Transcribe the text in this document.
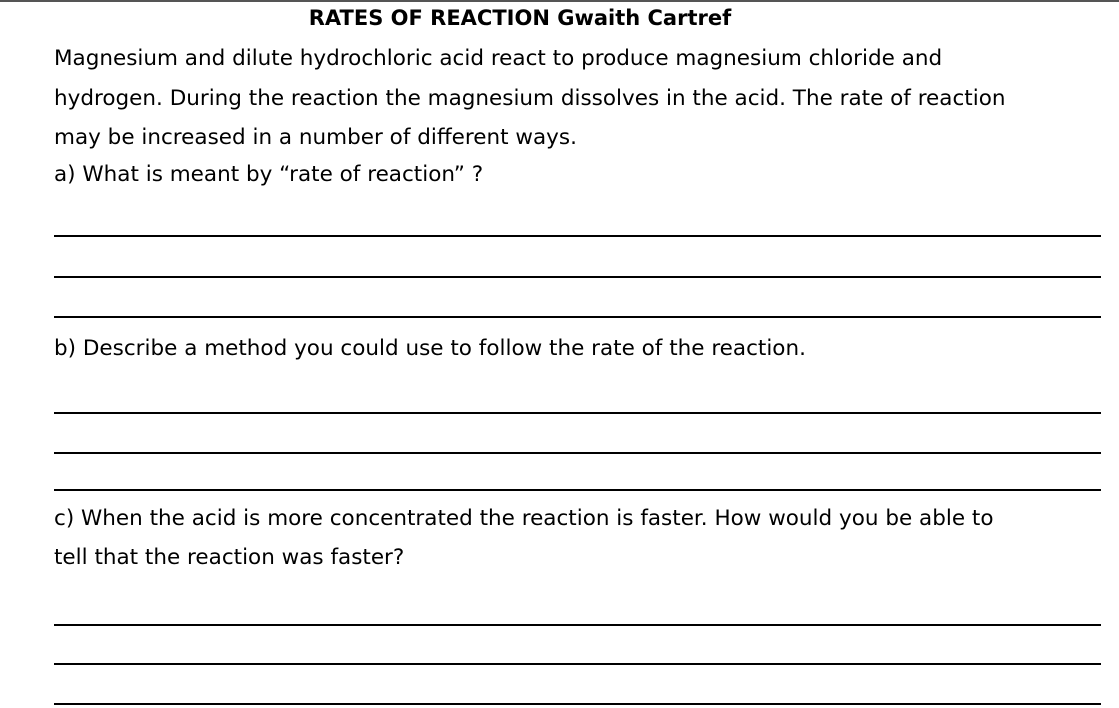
RATES OF REACTION Gwaith Cartref
Magnesium and dilute hydrochloric acid react to produce magnesium chloride and
hydrogen. During the reaction the magnesium dissolves in the acid. The rate of reaction
may be increased in a number of different ways.
a) What is meant by “rate of reaction” ?
b) Describe a method you could use to follow the rate of the reaction.
c) When the acid is more concentrated the reaction is faster. How would you be able to
tell that the reaction was faster?
